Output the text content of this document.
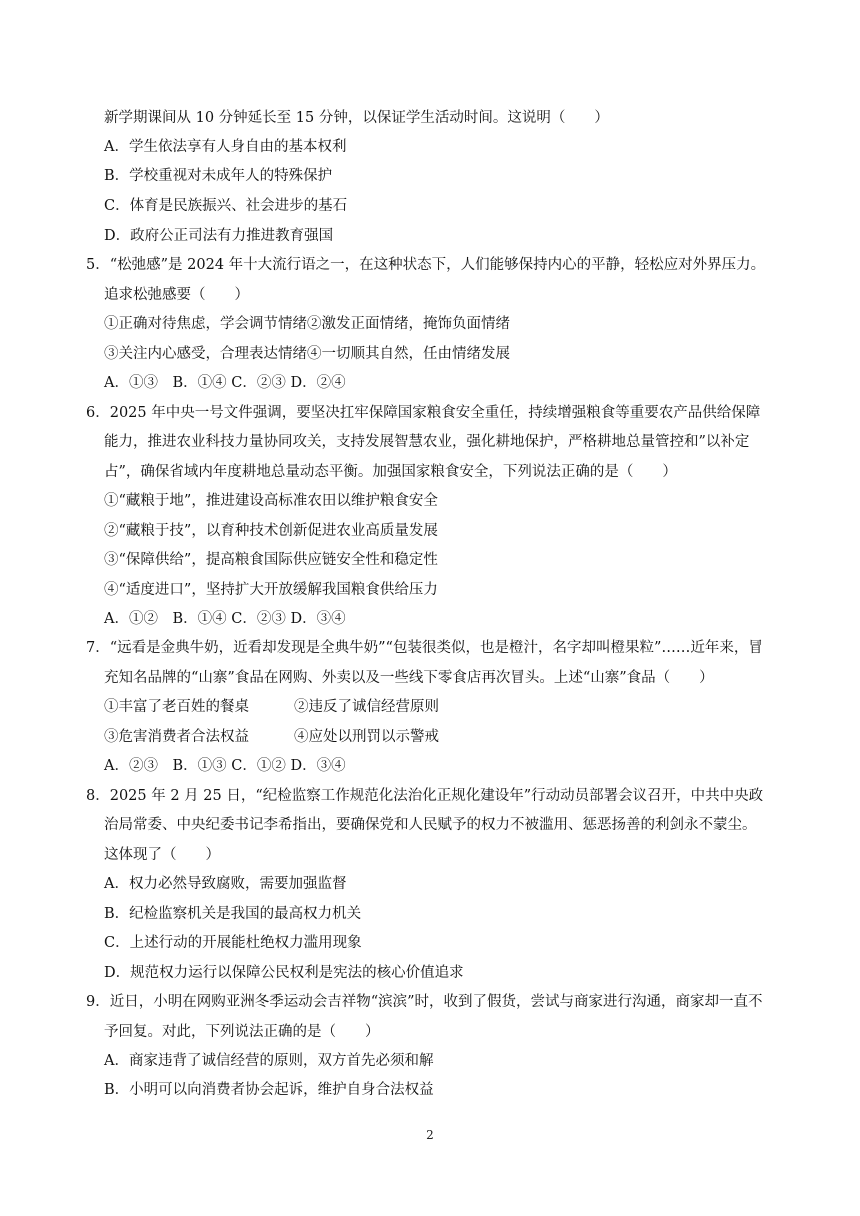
新学期课间从 10 分钟延长至 15 分钟，以保证学生活动时间。这说明（　　）
A．学生依法享有人身自由的基本权利
B．学校重视对未成年人的特殊保护
C．体育是民族振兴、社会进步的基石
D．政府公正司法有力推进教育强国
5．“松弛感”是 2024 年十大流行语之一，在这种状态下，人们能够保持内心的平静，轻松应对外界压力。
追求松弛感要（　　）
①正确对待焦虑，学会调节情绪②激发正面情绪，掩饰负面情绪
③关注内心感受，合理表达情绪④一切顺其自然，任由情绪发展
A．①③　B．①④ C．②③ D．②④
6．2025 年中央一号文件强调，要坚决扛牢保障国家粮食安全重任，持续增强粮食等重要农产品供给保障
能力，推进农业科技力量协同攻关，支持发展智慧农业，强化耕地保护，严格耕地总量管控和”以补定
占”，确保省域内年度耕地总量动态平衡。加强国家粮食安全，下列说法正确的是（　　）
①“藏粮于地”，推进建设高标准农田以维护粮食安全
②“藏粮于技”，以育种技术创新促进农业高质量发展
③“保障供给”，提高粮食国际供应链安全性和稳定性
④“适度进口”，坚持扩大开放缓解我国粮食供给压力
A．①②　B．①④ C．②③ D．③④
7．“远看是金典牛奶，近看却发现是全典牛奶”“包装很类似，也是橙汁，名字却叫橙果粒”……近年来，冒
充知名品牌的“山寨”食品在网购、外卖以及一些线下零食店再次冒头。上述“山寨”食品（　　）
①丰富了老百姓的餐桌	②违反了诚信经营原则
③危害消费者合法权益	④应处以刑罚以示警戒
A．②③　B．①③ C．①② D．③④
8．2025 年 2 月 25 日，“纪检监察工作规范化法治化正规化建设年”行动动员部署会议召开，中共中央政
治局常委、中央纪委书记李希指出，要确保党和人民赋予的权力不被滥用、惩恶扬善的利剑永不蒙尘。
这体现了（　　）
A．权力必然导致腐败，需要加强监督
B．纪检监察机关是我国的最高权力机关
C．上述行动的开展能杜绝权力滥用现象
D．规范权力运行以保障公民权利是宪法的核心价值追求
9．近日，小明在网购亚洲冬季运动会吉祥物“滨滨”时，收到了假货，尝试与商家进行沟通，商家却一直不
予回复。对此，下列说法正确的是（　　）
A．商家违背了诚信经营的原则，双方首先必须和解
B．小明可以向消费者协会起诉，维护自身合法权益
2
